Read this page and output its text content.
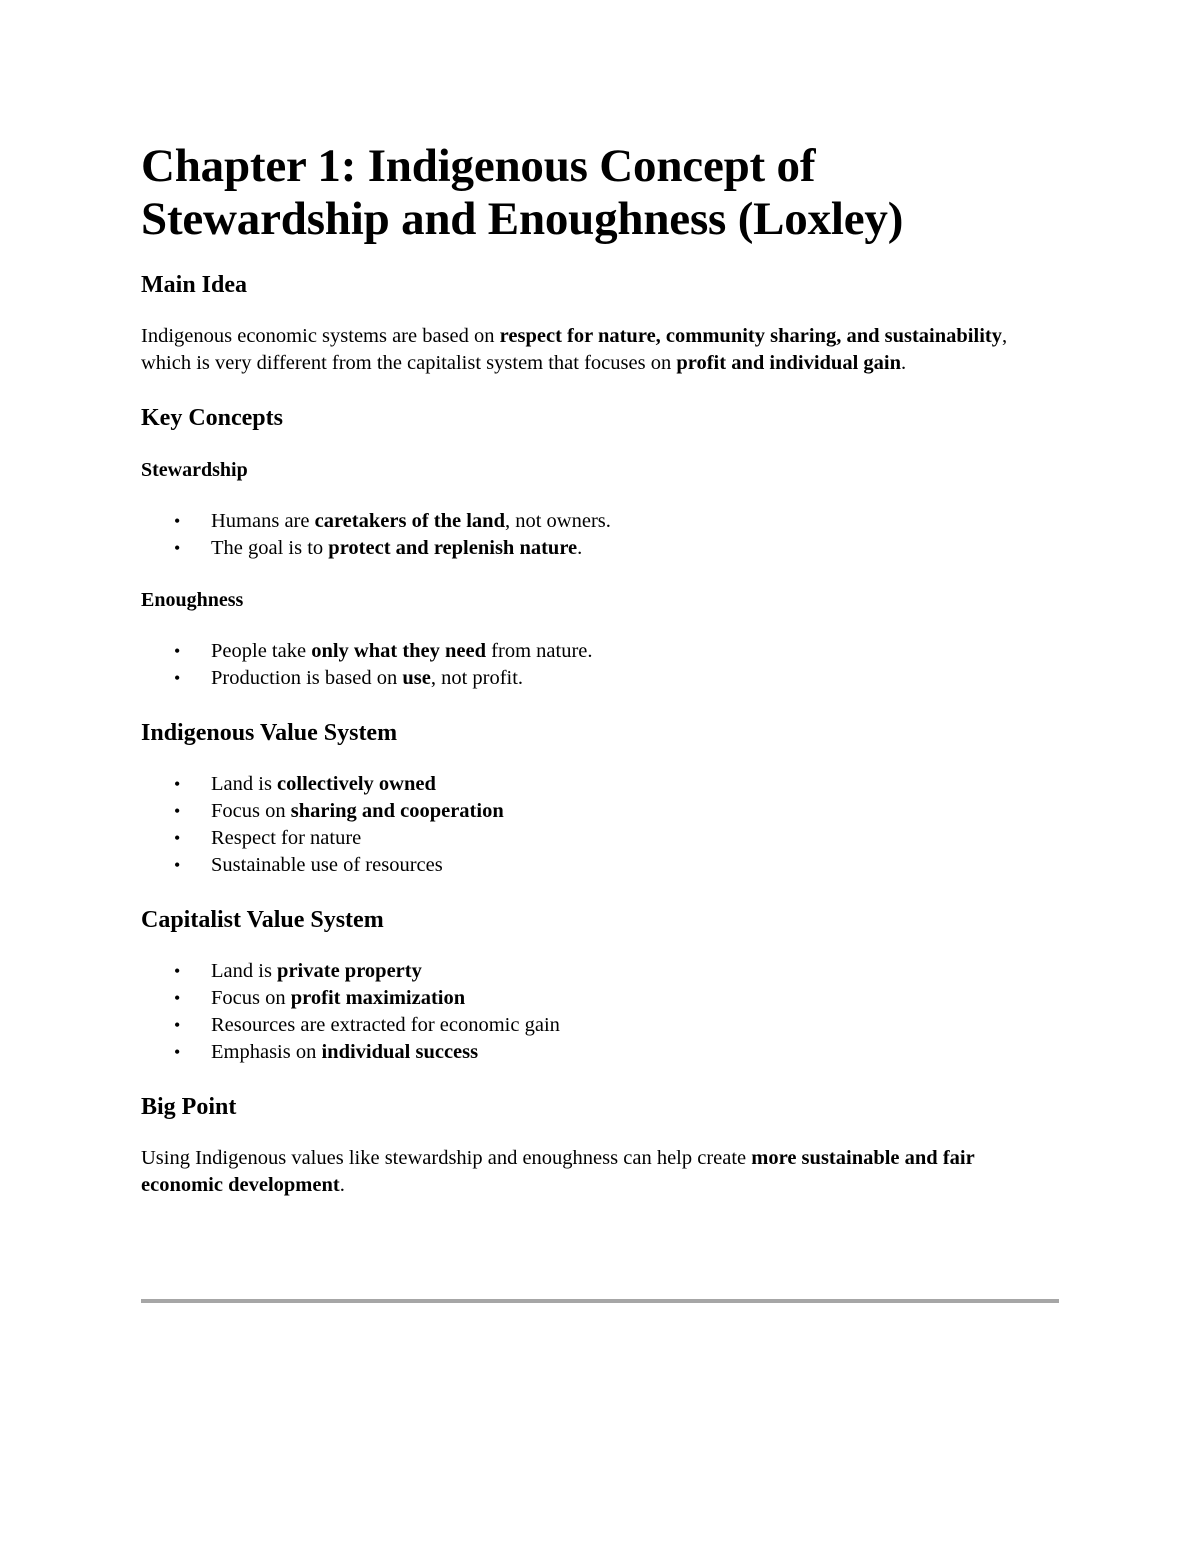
Chapter 1: Indigenous Concept of Stewardship and Enoughness (Loxley)
Main Idea

Indigenous economic systems are based on respect for nature, community sharing, and sustainability, which is very different from the capitalist system that focuses on profit and individual gain.

Key Concepts
Stewardship
• Humans are caretakers of the land, not owners.
• The goal is to protect and replenish nature.
Enoughness
• People take only what they need from nature.
• Production is based on use, not profit.
Indigenous Value System
• Land is collectively owned
• Focus on sharing and cooperation
• Respect for nature
• Sustainable use of resources
Capitalist Value System
• Land is private property
• Focus on profit maximization
• Resources are extracted for economic gain
• Emphasis on individual success
Big Point

Using Indigenous values like stewardship and enoughness can help create more sustainable and fair economic development.
